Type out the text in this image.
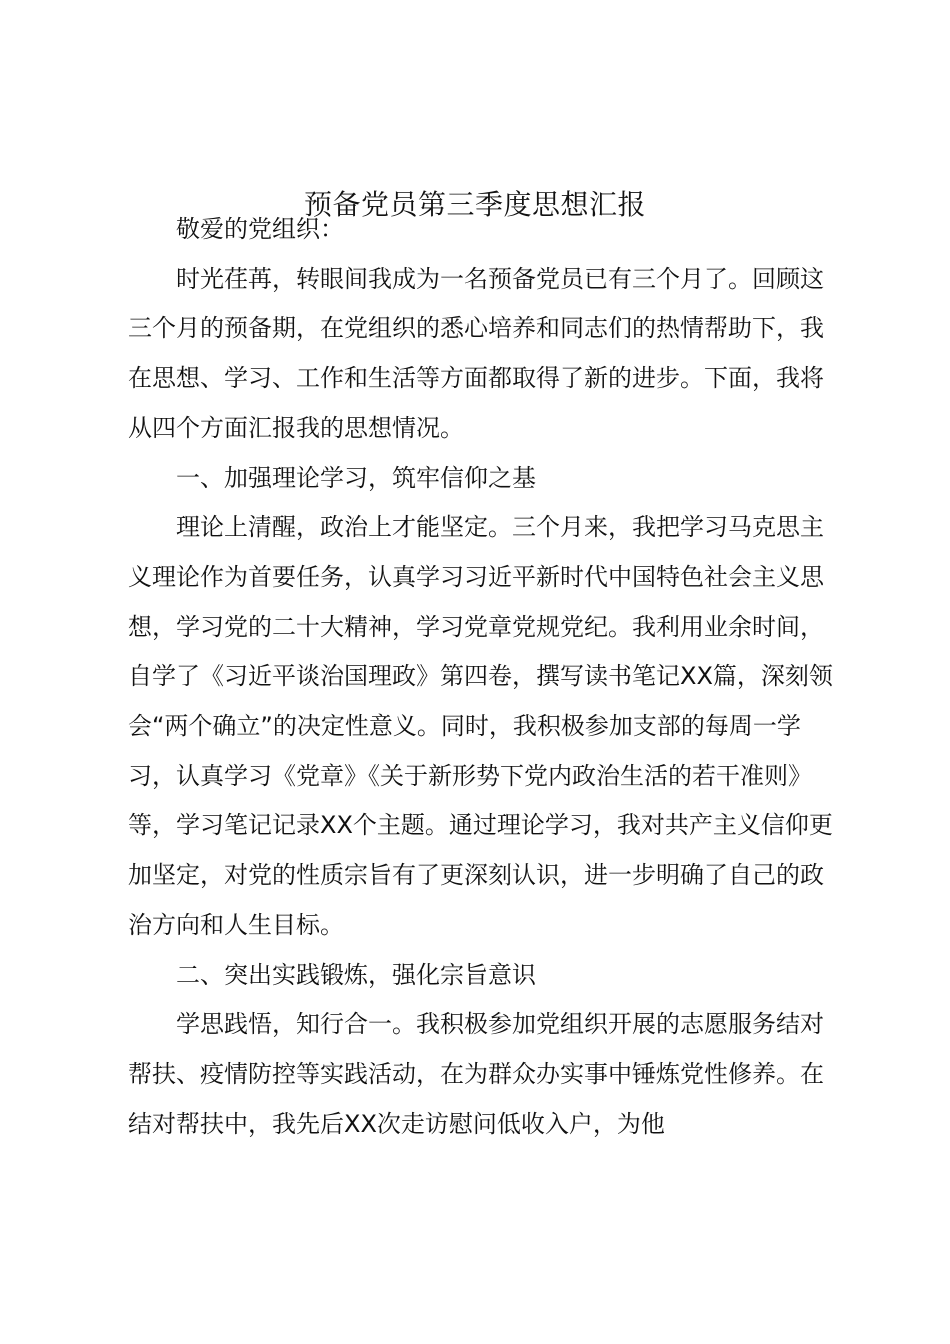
预备党员第三季度思想汇报

敬爱的党组织：

时光荏苒，转眼间我成为一名预备党员已有三个月了。回顾这三个月的预备期，在党组织的悉心培养和同志们的热情帮助下，我在思想、学习、工作和生活等方面都取得了新的进步。下面，我将从四个方面汇报我的思想情况。

一、加强理论学习，筑牢信仰之基

理论上清醒，政治上才能坚定。三个月来，我把学习马克思主义理论作为首要任务，认真学习习近平新时代中国特色社会主义思想，学习党的二十大精神，学习党章党规党纪。我利用业余时间，自学了《习近平谈治国理政》第四卷，撰写读书笔记XX篇，深刻领会“两个确立”的决定性意义。同时，我积极参加支部的每周一学习，认真学习《党章》《关于新形势下党内政治生活的若干准则》等，学习笔记记录XX个主题。通过理论学习，我对共产主义信仰更加坚定，对党的性质宗旨有了更深刻认识，进一步明确了自己的政治方向和人生目标。

二、突出实践锻炼，强化宗旨意识

学思践悟，知行合一。我积极参加党组织开展的志愿服务结对帮扶、疫情防控等实践活动，在为群众办实事中锤炼党性修养。在结对帮扶中，我先后XX次走访慰问低收入户，为他
